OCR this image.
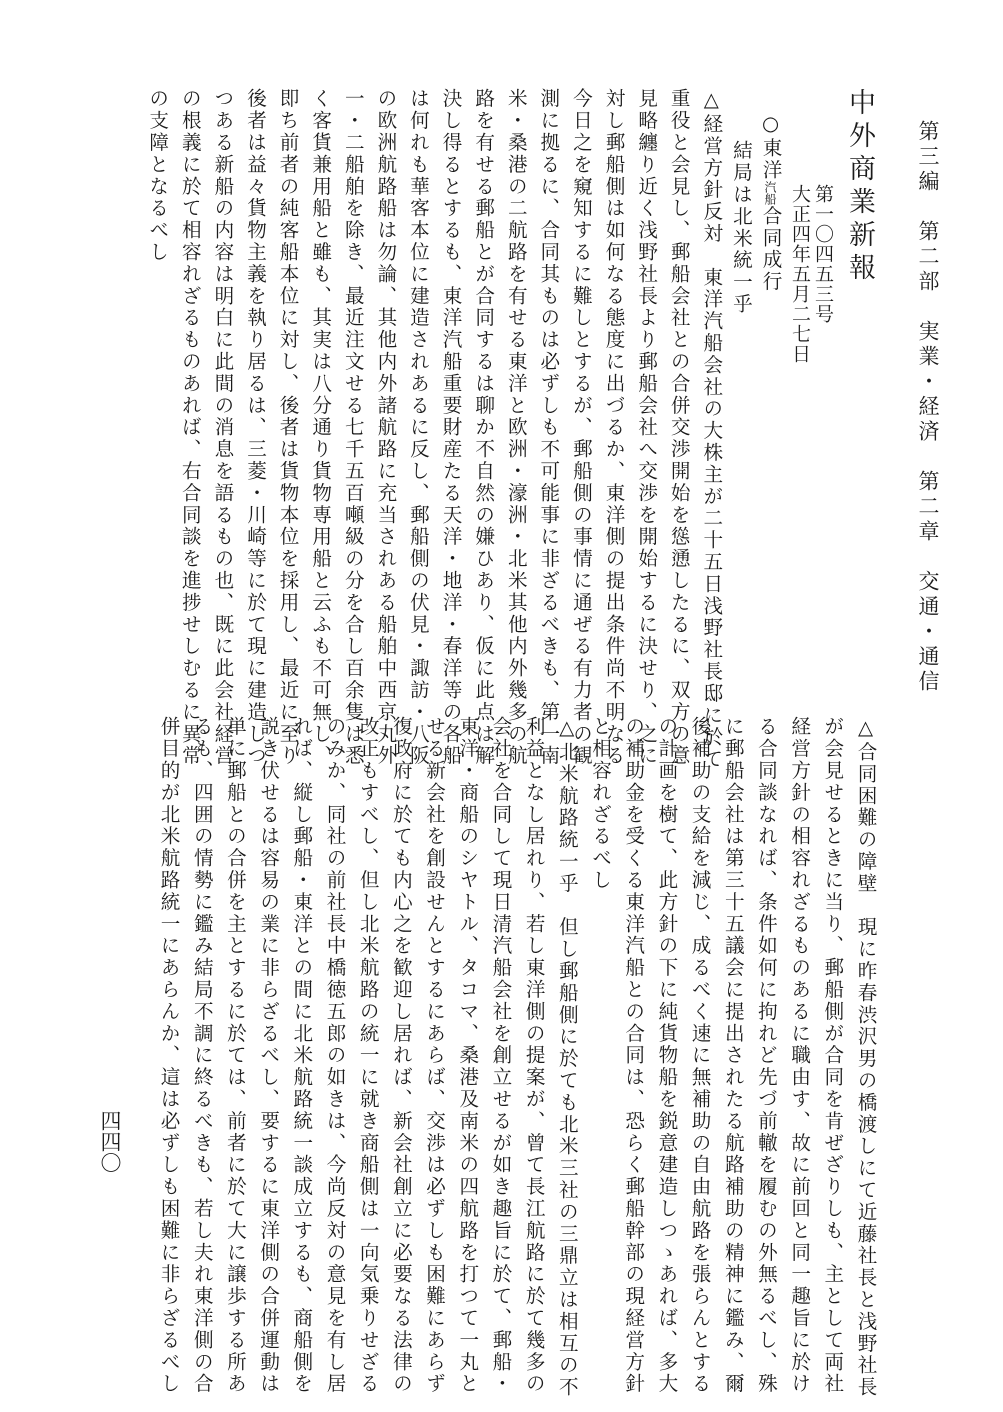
第三編　第二部　実業・経済　第二章　交通・通信
四四〇
中外商業新報
第一〇四五三号
大正四年五月二七日
○東洋汽船合同成行
結局は北米統一乎
△経営方針反対　東洋汽船会社の大株主が二十五日浅野社長邸に於て
重役と会見し、郵船会社との合併交渉開始を慫慂したるに、双方の意
見略纏り近く浅野社長より郵船会社へ交渉を開始するに決せり、之に
対し郵船側は如何なる態度に出づるか、東洋側の提出条件尚不明なる
今日之を窺知するに難しとするが、郵船側の事情に通ぜる有力者の観
測に拠るに、合同其ものは必ずしも不可能事に非ざるべきも、第一南
米・桑港の二航路を有せる東洋と欧洲・濠洲・北米其他内外幾多の航
路を有せる郵船とが合同するは聊か不自然の嫌ひあり、仮に此点は解
決し得るとするも、東洋汽船重要財産たる天洋・地洋・春洋等の各船
は何れも華客本位に建造されあるに反し、郵船側の伏見・諏訪・八阪
の欧洲航路船は勿論、其他内外諸航路に充当されある船舶中西京丸外
一・二船舶を除き、最近注文せる七千五百噸級の分を合し百余隻は悉
く客貨兼用船と雖も、其実は八分通り貨物専用船と云ふも不可無し、
即ち前者の純客船本位に対し、後者は貨物本位を採用し、最近に至り
後者は益々貨物主義を執り居るは、三菱・川崎等に於て現に建造しつ
つある新船の内容は明白に此間の消息を語るもの也、既に此会社経営
の根義に於て相容れざるものあれば、右合同談を進捗せしむるに異常
の支障となるべし
△合同困難の障壁　現に昨春渋沢男の橋渡しにて近藤社長と浅野社長
が会見せるときに当り、郵船側が合同を肯ぜざりしも、主として両社
経営方針の相容れざるものあるに職由す、故に前回と同一趣旨に於け
る合同談なれば、条件如何に拘れど先づ前轍を履むの外無るべし、殊
に郵船会社は第三十五議会に提出されたる航路補助の精神に鑑み、爾
後補助の支給を減じ、成るべく速に無補助の自由航路を張らんとする
の計画を樹て、此方針の下に純貨物船を鋭意建造しつゝあれば、多大
の補助金を受くる東洋汽船との合同は、恐らく郵船幹部の現経営方針
と相容れざるべし
△北米航路統一乎　但し郵船側に於ても北米三社の三鼎立は相互の不
利益となし居れり、若し東洋側の提案が、曾て長江航路に於て幾多の
会社を合同して現日清汽船会社を創立せるが如き趣旨に於て、郵船・
東洋・商船のシヤトル、タコマ、桑港及南米の四航路を打つて一丸と
せる新会社を創設せんとするにあらば、交渉は必ずしも困難にあらず
復政府に於ても内心之を歓迎し居れば、新会社創立に必要なる法律の
改正もすべし、但し北米航路の統一に就き商船側は一向気乗りせざる
のみか、同社の前社長中橋徳五郎の如きは、今尚反対の意見を有し居
れば、縦し郵船・東洋との間に北米航路統一談成立するも、商船側を
説き伏せるは容易の業に非らざるべし、要するに東洋側の合併運動は
単に郵船との合併を主とするに於ては、前者に於て大に譲歩する所あ
るも、四囲の情勢に鑑み結局不調に終るべきも、若し夫れ東洋側の合
併目的が北米航路統一にあらんか、這は必ずしも困難に非らざるべし
